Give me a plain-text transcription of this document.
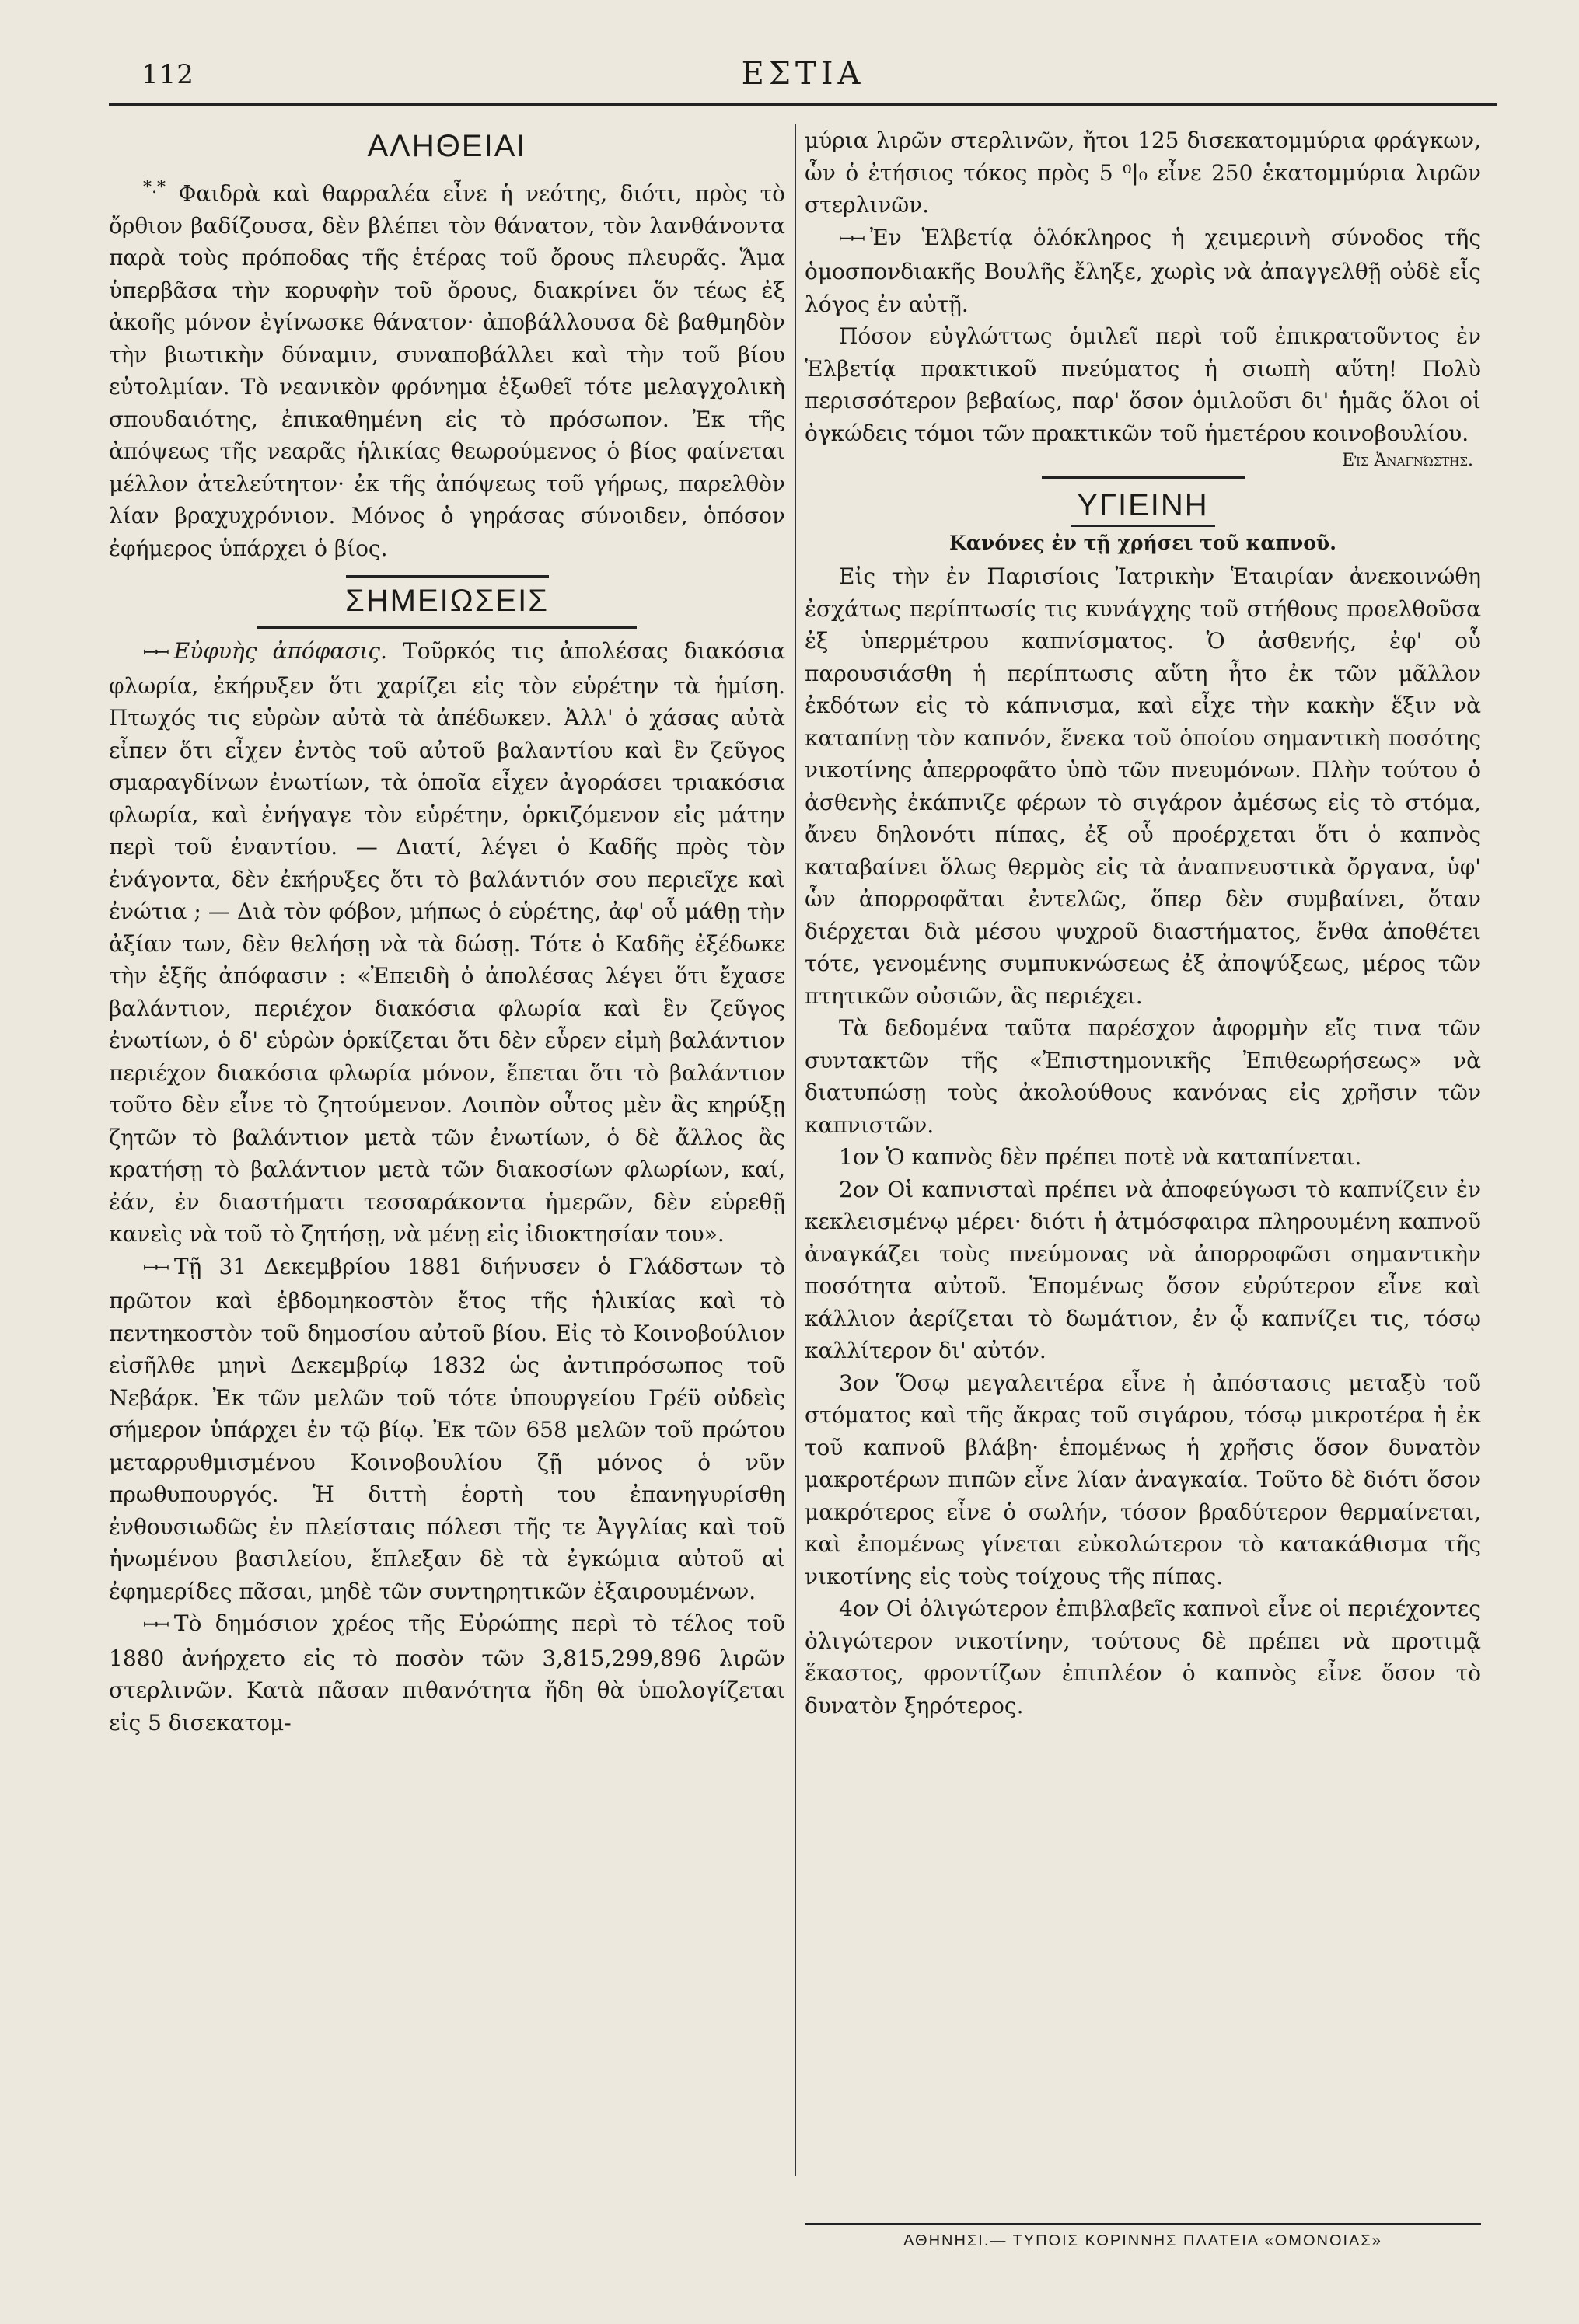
112	ΕΣΤΙΑ
ΑΛΗΘΕΙΑΙ

*.* Φαιδρὰ καὶ θαρραλέα εἶνε ἡ νεότης, διότι, πρὸς τὸ ὄρθιον βαδίζουσα, δὲν βλέπει τὸν θάνατον, τὸν λανθάνοντα παρὰ τοὺς πρόποδας τῆς ἑτέρας τοῦ ὄρους πλευρᾶς. Ἅμα ὑπερβᾶσα τὴν κορυφὴν τοῦ ὄρους, διακρίνει ὅν τέως ἐξ ἀκοῆς μόνον ἐγίνωσκε θάνατον· ἀποβάλλουσα δὲ βαθμηδὸν τὴν βιωτικὴν δύναμιν, συναποβάλλει καὶ τὴν τοῦ βίου εὐτολμίαν. Τὸ νεανικὸν φρόνημα ἐξωθεῖ τότε μελαγχολικὴ σπουδαιότης, ἐπικαθημένη εἰς τὸ πρόσωπον. Ἐκ τῆς ἀπόψεως τῆς νεαρᾶς ἡλικίας θεωρούμενος ὁ βίος φαίνεται μέλλον ἀτελεύτητον· ἐκ τῆς ἀπόψεως τοῦ γήρως, παρελθὸν λίαν βραχυχρόνιον. Μόνος ὁ γηράσας σύνοιδεν, ὁπόσον ἐφήμερος ὑπάρχει ὁ βίος.

ΣΗΜΕΙΩΣΕΙΣ

ꟷꟷ Εὐφυὴς ἀπόφασις. Τοῦρκός τις ἀπολέσας διακόσια φλωρία, ἐκήρυξεν ὅτι χαρίζει εἰς τὸν εὑρέτην τὰ ἡμίση. Πτωχός τις εὑρὼν αὐτὰ τὰ ἀπέδωκεν. Ἀλλ' ὁ χάσας αὐτὰ εἶπεν ὅτι εἶχεν ἐντὸς τοῦ αὐτοῦ βαλαντίου καὶ ἓν ζεῦγος σμαραγδίνων ἐνωτίων, τὰ ὁποῖα εἶχεν ἀγοράσει τριακόσια φλωρία, καὶ ἐνήγαγε τὸν εὑρέτην, ὁρκιζόμενον εἰς μάτην περὶ τοῦ ἐναντίου. — Διατί, λέγει ὁ Καδῆς πρὸς τὸν ἐνάγοντα, δὲν ἐκήρυξες ὅτι τὸ βαλάντιόν σου περιεῖχε καὶ ἐνώτια ; — Διὰ τὸν φόβον, μήπως ὁ εὑρέτης, ἀφ' οὗ μάθῃ τὴν ἀξίαν των, δὲν θελήσῃ νὰ τὰ δώσῃ. Τότε ὁ Καδῆς ἐξέδωκε τὴν ἑξῆς ἀπόφασιν : «Ἐπειδὴ ὁ ἀπολέσας λέγει ὅτι ἔχασε βαλάντιον, περιέχον διακόσια φλωρία καὶ ἓν ζεῦγος ἐνωτίων, ὁ δ' εὑρὼν ὁρκίζεται ὅτι δὲν εὗρεν εἰμὴ βαλάντιον περιέχον διακόσια φλωρία μόνον, ἕπεται ὅτι τὸ βαλάντιον τοῦτο δὲν εἶνε τὸ ζητούμενον. Λοιπὸν οὗτος μὲν ἂς κηρύξῃ ζητῶν τὸ βαλάντιον μετὰ τῶν ἐνωτίων, ὁ δὲ ἄλλος ἂς κρατήσῃ τὸ βαλάντιον μετὰ τῶν διακοσίων φλωρίων, καί, ἐάν, ἐν διαστήματι τεσσαράκοντα ἡμερῶν, δὲν εὑρεθῇ κανεὶς νὰ τοῦ τὸ ζητήσῃ, νὰ μένῃ εἰς ἰδιοκτησίαν του».

ꟷꟷ Τῇ 31 Δεκεμβρίου 1881 διήνυσεν ὁ Γλάδστων τὸ πρῶτον καὶ ἑβδομηκοστὸν ἔτος τῆς ἡλικίας καὶ τὸ πεντηκοστὸν τοῦ δημοσίου αὐτοῦ βίου. Εἰς τὸ Κοινοβούλιον εἰσῆλθε μηνὶ Δεκεμβρίῳ 1832 ὡς ἀντιπρόσωπος τοῦ Νεβάρκ. Ἐκ τῶν μελῶν τοῦ τότε ὑπουργείου Γρέϋ οὐδεὶς σήμερον ὑπάρχει ἐν τῷ βίῳ. Ἐκ τῶν 658 μελῶν τοῦ πρώτου μεταρρυθμισμένου Κοινοβουλίου ζῇ μόνος ὁ νῦν πρωθυπουργός. Ἡ διττὴ ἑορτὴ του ἐπανηγυρίσθη ἐνθουσιωδῶς ἐν πλείσταις πόλεσι τῆς τε Ἀγγλίας καὶ τοῦ ἡνωμένου βασιλείου, ἔπλεξαν δὲ τὰ ἐγκώμια αὐτοῦ αἱ ἐφημερίδες πᾶσαι, μηδὲ τῶν συντηρητικῶν ἐξαιρουμένων.

ꟷꟷ Τὸ δημόσιον χρέος τῆς Εὐρώπης περὶ τὸ τέλος τοῦ 1880 ἀνήρχετο εἰς τὸ ποσὸν τῶν 3,815,299,896 λιρῶν στερλινῶν. Κατὰ πᾶσαν πιθανότητα ἤδη θὰ ὑπολογίζεται εἰς 5 δισεκατομ-

μύρια λιρῶν στερλινῶν, ἤτοι 125 δισεκατομμύρια φράγκων, ὧν ὁ ἐτήσιος τόκος πρὸς 5 ⁰|₀ εἶνε 250 ἑκατομμύρια λιρῶν στερλινῶν.

ꟷꟷ Ἐν Ἑλβετίᾳ ὁλόκληρος ἡ χειμερινὴ σύνοδος τῆς ὁμοσπονδιακῆς Βουλῆς ἔληξε, χωρὶς νὰ ἀπαγγελθῇ οὐδὲ εἷς λόγος ἐν αὐτῇ.

Πόσον εὐγλώττως ὁμιλεῖ περὶ τοῦ ἐπικρατοῦντος ἐν Ἑλβετίᾳ πρακτικοῦ πνεύματος ἡ σιωπὴ αὕτη! Πολὺ περισσότερον βεβαίως, παρ' ὅσον ὁμιλοῦσι δι' ἡμᾶς ὅλοι οἱ ὀγκώδεις τόμοι τῶν πρακτικῶν τοῦ ἡμετέρου κοινοβουλίου.

Εἰς Ἀναγνώστης.
ΥΓΙΕΙΝΗ
Κανόνες ἐν τῇ χρήσει τοῦ καπνοῦ.

Εἰς τὴν ἐν Παρισίοις Ἰατρικὴν Ἑταιρίαν ἀνεκοινώθη ἐσχάτως περίπτωσίς τις κυνάγχης τοῦ στήθους προελθοῦσα ἐξ ὑπερμέτρου καπνίσματος. Ὁ ἀσθενής, ἐφ' οὗ παρουσιάσθη ἡ περίπτωσις αὕτη ἦτο ἐκ τῶν μᾶλλον ἐκδότων εἰς τὸ κάπνισμα, καὶ εἶχε τὴν κακὴν ἕξιν νὰ καταπίνῃ τὸν καπνόν, ἕνεκα τοῦ ὁποίου σημαντικὴ ποσότης νικοτίνης ἀπερροφᾶτο ὑπὸ τῶν πνευμόνων. Πλὴν τούτου ὁ ἀσθενὴς ἐκάπνιζε φέρων τὸ σιγάρον ἀμέσως εἰς τὸ στόμα, ἄνευ δηλονότι πίπας, ἐξ οὗ προέρχεται ὅτι ὁ καπνὸς καταβαίνει ὅλως θερμὸς εἰς τὰ ἀναπνευστικὰ ὄργανα, ὑφ' ὧν ἀπορροφᾶται ἐντελῶς, ὅπερ δὲν συμβαίνει, ὅταν διέρχεται διὰ μέσου ψυχροῦ διαστήματος, ἔνθα ἀποθέτει τότε, γενομένης συμπυκνώσεως ἐξ ἀποψύξεως, μέρος τῶν πτητικῶν οὐσιῶν, ἃς περιέχει.

Τὰ δεδομένα ταῦτα παρέσχον ἀφορμὴν εἴς τινα τῶν συντακτῶν τῆς «Ἐπιστημονικῆς Ἐπιθεωρήσεως» νὰ διατυπώσῃ τοὺς ἀκολούθους κανόνας εἰς χρῆσιν τῶν καπνιστῶν.

1ον Ὁ καπνὸς δὲν πρέπει ποτὲ νὰ καταπίνεται.

2ον Οἱ καπνισταὶ πρέπει νὰ ἀποφεύγωσι τὸ καπνίζειν ἐν κεκλεισμένῳ μέρει· διότι ἡ ἀτμόσφαιρα πληρουμένη καπνοῦ ἀναγκάζει τοὺς πνεύμονας νὰ ἀπορροφῶσι σημαντικὴν ποσότητα αὐτοῦ. Ἑπομένως ὅσον εὐρύτερον εἶνε καὶ κάλλιον ἀερίζεται τὸ δωμάτιον, ἐν ᾧ καπνίζει τις, τόσῳ καλλίτερον δι' αὐτόν.

3ον Ὅσῳ μεγαλειτέρα εἶνε ἡ ἀπόστασις μεταξὺ τοῦ στόματος καὶ τῆς ἄκρας τοῦ σιγάρου, τόσῳ μικροτέρα ἡ ἐκ τοῦ καπνοῦ βλάβη· ἑπομένως ἡ χρῆσις ὅσον δυνατὸν μακροτέρων πιπῶν εἶνε λίαν ἀναγκαία. Τοῦτο δὲ διότι ὅσον μακρότερος εἶνε ὁ σωλήν, τόσον βραδύτερον θερμαίνεται, καὶ ἐπομένως γίνεται εὐκολώτερον τὸ κατακάθισμα τῆς νικοτίνης εἰς τοὺς τοίχους τῆς πίπας.

4ον Οἱ ὀλιγώτερον ἐπιβλαβεῖς καπνοὶ εἶνε οἱ περιέχοντες ὀλιγώτερον νικοτίνην, τούτους δὲ πρέπει νὰ προτιμᾷ ἕκαστος, φροντίζων ἐπιπλέον ὁ καπνὸς εἶνε ὅσον τὸ δυνατὸν ξηρότερος.

ΑΘΗΝΗΣΙ.— ΤΥΠΟΙΣ ΚΟΡΙΝΝΗΣ ΠΛΑΤΕΙΑ «ΟΜΟΝΟΙΑΣ»
